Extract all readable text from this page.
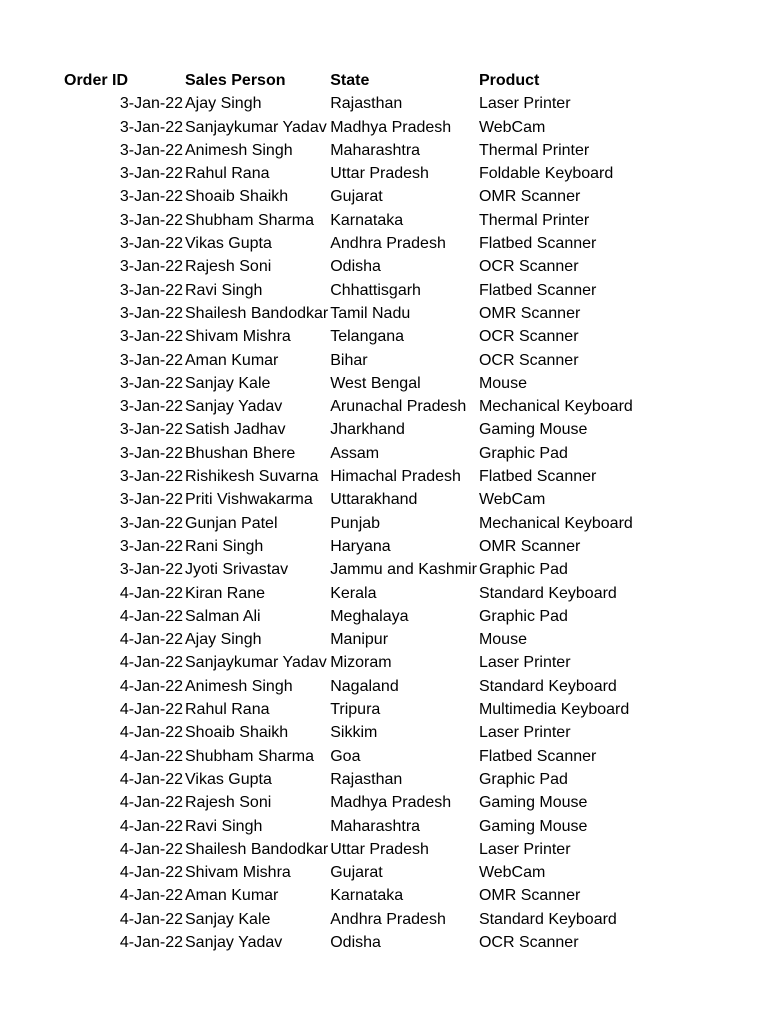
Order ID	Sales Person	State	Product
3-Jan-22	Ajay Singh	Rajasthan	Laser Printer
3-Jan-22	Sanjaykumar Yadav	Madhya Pradesh	WebCam
3-Jan-22	Animesh Singh	Maharashtra	Thermal Printer
3-Jan-22	Rahul Rana	Uttar Pradesh	Foldable Keyboard
3-Jan-22	Shoaib Shaikh	Gujarat	OMR Scanner
3-Jan-22	Shubham Sharma	Karnataka	Thermal Printer
3-Jan-22	Vikas Gupta	Andhra Pradesh	Flatbed Scanner
3-Jan-22	Rajesh Soni	Odisha	OCR Scanner
3-Jan-22	Ravi Singh	Chhattisgarh	Flatbed Scanner
3-Jan-22	Shailesh Bandodkar	Tamil Nadu	OMR Scanner
3-Jan-22	Shivam Mishra	Telangana	OCR Scanner
3-Jan-22	Aman Kumar	Bihar	OCR Scanner
3-Jan-22	Sanjay Kale	West Bengal	Mouse
3-Jan-22	Sanjay Yadav	Arunachal Pradesh	Mechanical Keyboard
3-Jan-22	Satish Jadhav	Jharkhand	Gaming Mouse
3-Jan-22	Bhushan Bhere	Assam	Graphic Pad
3-Jan-22	Rishikesh Suvarna	Himachal Pradesh	Flatbed Scanner
3-Jan-22	Priti Vishwakarma	Uttarakhand	WebCam
3-Jan-22	Gunjan Patel	Punjab	Mechanical Keyboard
3-Jan-22	Rani Singh	Haryana	OMR Scanner
3-Jan-22	Jyoti Srivastav	Jammu and Kashmir	Graphic Pad
4-Jan-22	Kiran Rane	Kerala	Standard Keyboard
4-Jan-22	Salman Ali	Meghalaya	Graphic Pad
4-Jan-22	Ajay Singh	Manipur	Mouse
4-Jan-22	Sanjaykumar Yadav	Mizoram	Laser Printer
4-Jan-22	Animesh Singh	Nagaland	Standard Keyboard
4-Jan-22	Rahul Rana	Tripura	Multimedia Keyboard
4-Jan-22	Shoaib Shaikh	Sikkim	Laser Printer
4-Jan-22	Shubham Sharma	Goa	Flatbed Scanner
4-Jan-22	Vikas Gupta	Rajasthan	Graphic Pad
4-Jan-22	Rajesh Soni	Madhya Pradesh	Gaming Mouse
4-Jan-22	Ravi Singh	Maharashtra	Gaming Mouse
4-Jan-22	Shailesh Bandodkar	Uttar Pradesh	Laser Printer
4-Jan-22	Shivam Mishra	Gujarat	WebCam
4-Jan-22	Aman Kumar	Karnataka	OMR Scanner
4-Jan-22	Sanjay Kale	Andhra Pradesh	Standard Keyboard
4-Jan-22	Sanjay Yadav	Odisha	OCR Scanner
